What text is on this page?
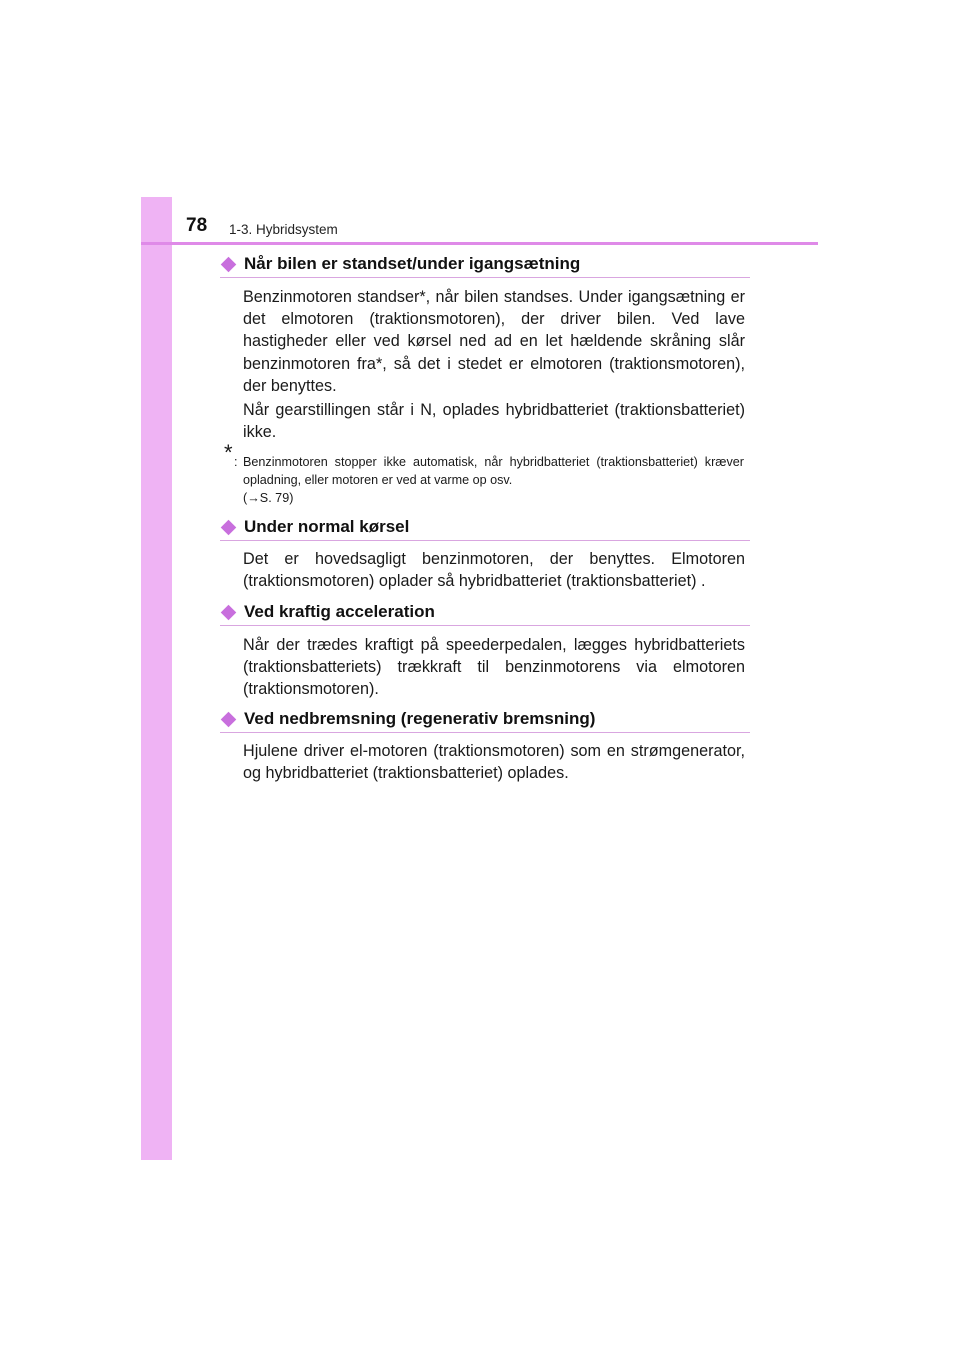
78 1-3. Hybridsystem
Når bilen er standset/under igangsætning

Benzinmotoren standser*, når bilen standses. Under igangsætning er det elmotoren (traktionsmotoren), der driver bilen. Ved lave hastigheder eller ved kørsel ned ad en let hældende skråning slår benzinmotoren fra*, så det i stedet er elmotoren (traktionsmotoren), der benyttes.

Når gearstillingen står i N, oplades hybridbatteriet (traktionsbatteriet) ikke.

* : Benzinmotoren stopper ikke automatisk, når hybridbatteriet (traktionsbatteriet) kræver opladning, eller motoren er ved at varme op osv.
(→S. 79)
Under normal kørsel

Det er hovedsagligt benzinmotoren, der benyttes. Elmotoren (traktionsmotoren) oplader så hybridbatteriet (traktionsbatteriet) .

Ved kraftig acceleration

Når der trædes kraftigt på speederpedalen, lægges hybridbatteriets (traktionsbatteriets) trækkraft til benzinmotorens via elmotoren (traktionsmotoren).

Ved nedbremsning (regenerativ bremsning)

Hjulene driver el-motoren (traktionsmotoren) som en strømgenerator, og hybridbatteriet (traktionsbatteriet) oplades.
